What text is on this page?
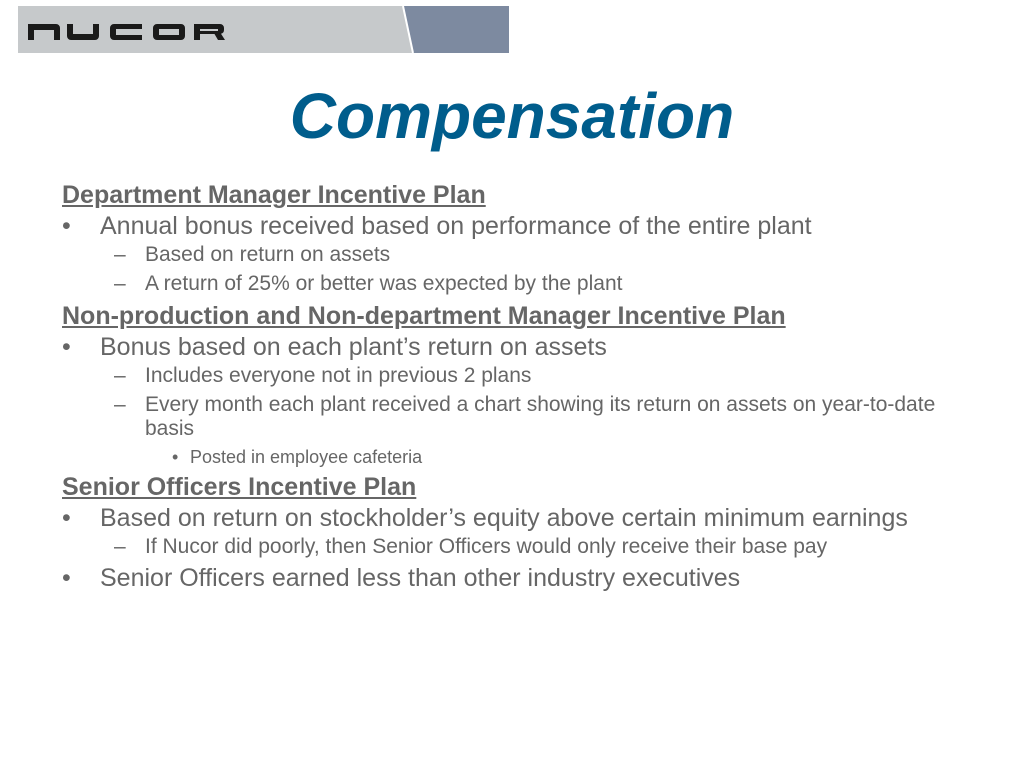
Compensation
Department Manager Incentive Plan
• Annual bonus received based on performance of the entire plant
– Based on return on assets
– A return of 25% or better was expected by the plant
Non-production and Non-department Manager Incentive Plan
• Bonus based on each plant’s return on assets
– Includes everyone not in previous 2 plans
– Every month each plant received a chart showing its return on assets on year-to-date basis
• Posted in employee cafeteria
Senior Officers Incentive Plan
• Based on return on stockholder’s equity above certain minimum earnings
– If Nucor did poorly, then Senior Officers would only receive their base pay
• Senior Officers earned less than other industry executives
